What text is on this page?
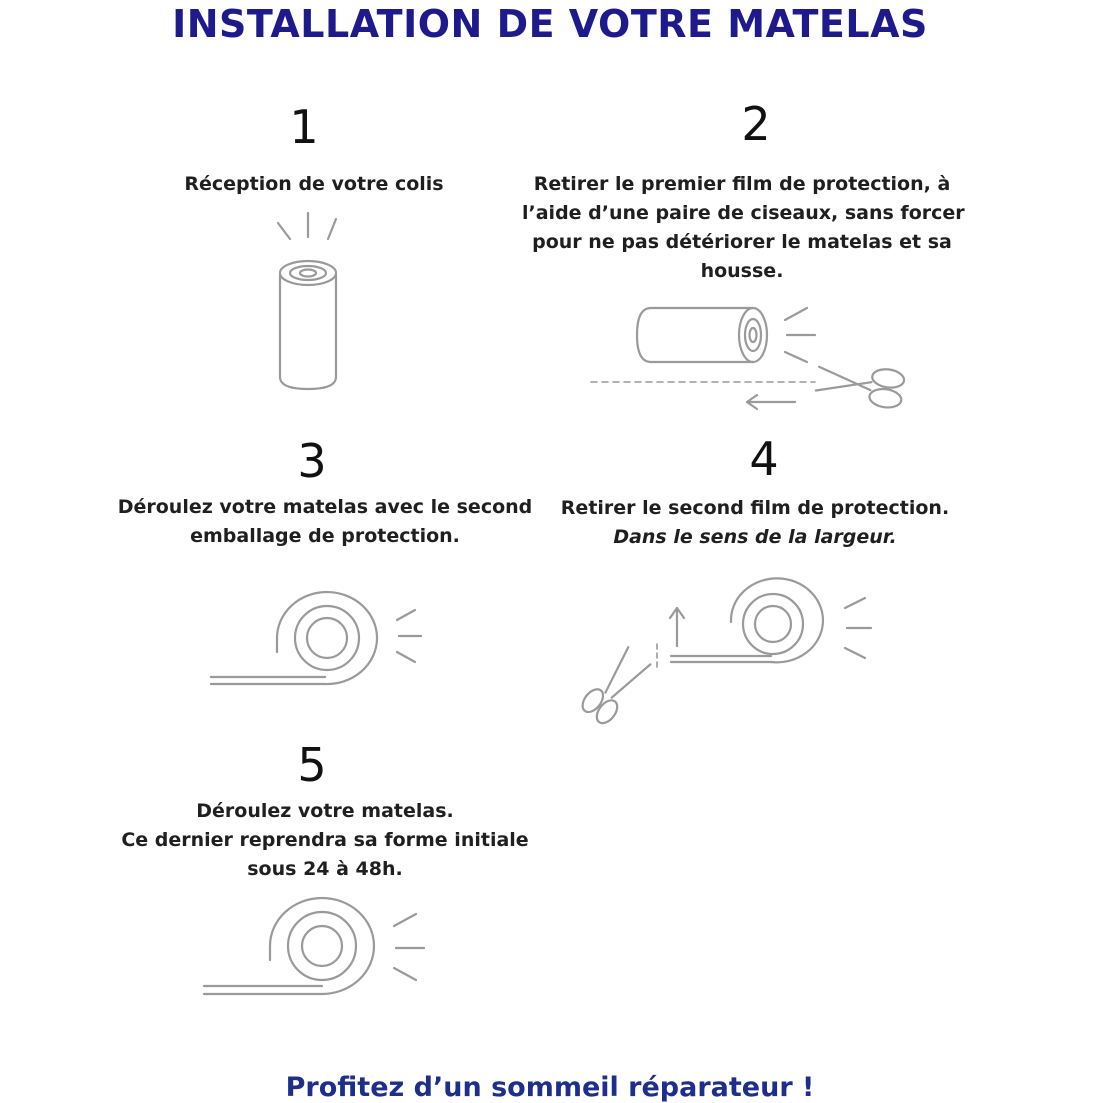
INSTALLATION DE VOTRE MATELAS
1
Réception de votre colis
2
Retirer le premier film de protection, à
l’aide d’une paire de ciseaux, sans forcer
pour ne pas détériorer le matelas et sa
housse.
3
Déroulez votre matelas avec le second
emballage de protection.
4
Retirer le second film de protection.
Dans le sens de la largeur.
5
Déroulez votre matelas.
Ce dernier reprendra sa forme initiale
sous 24 à 48h.
Profitez d’un sommeil réparateur !
